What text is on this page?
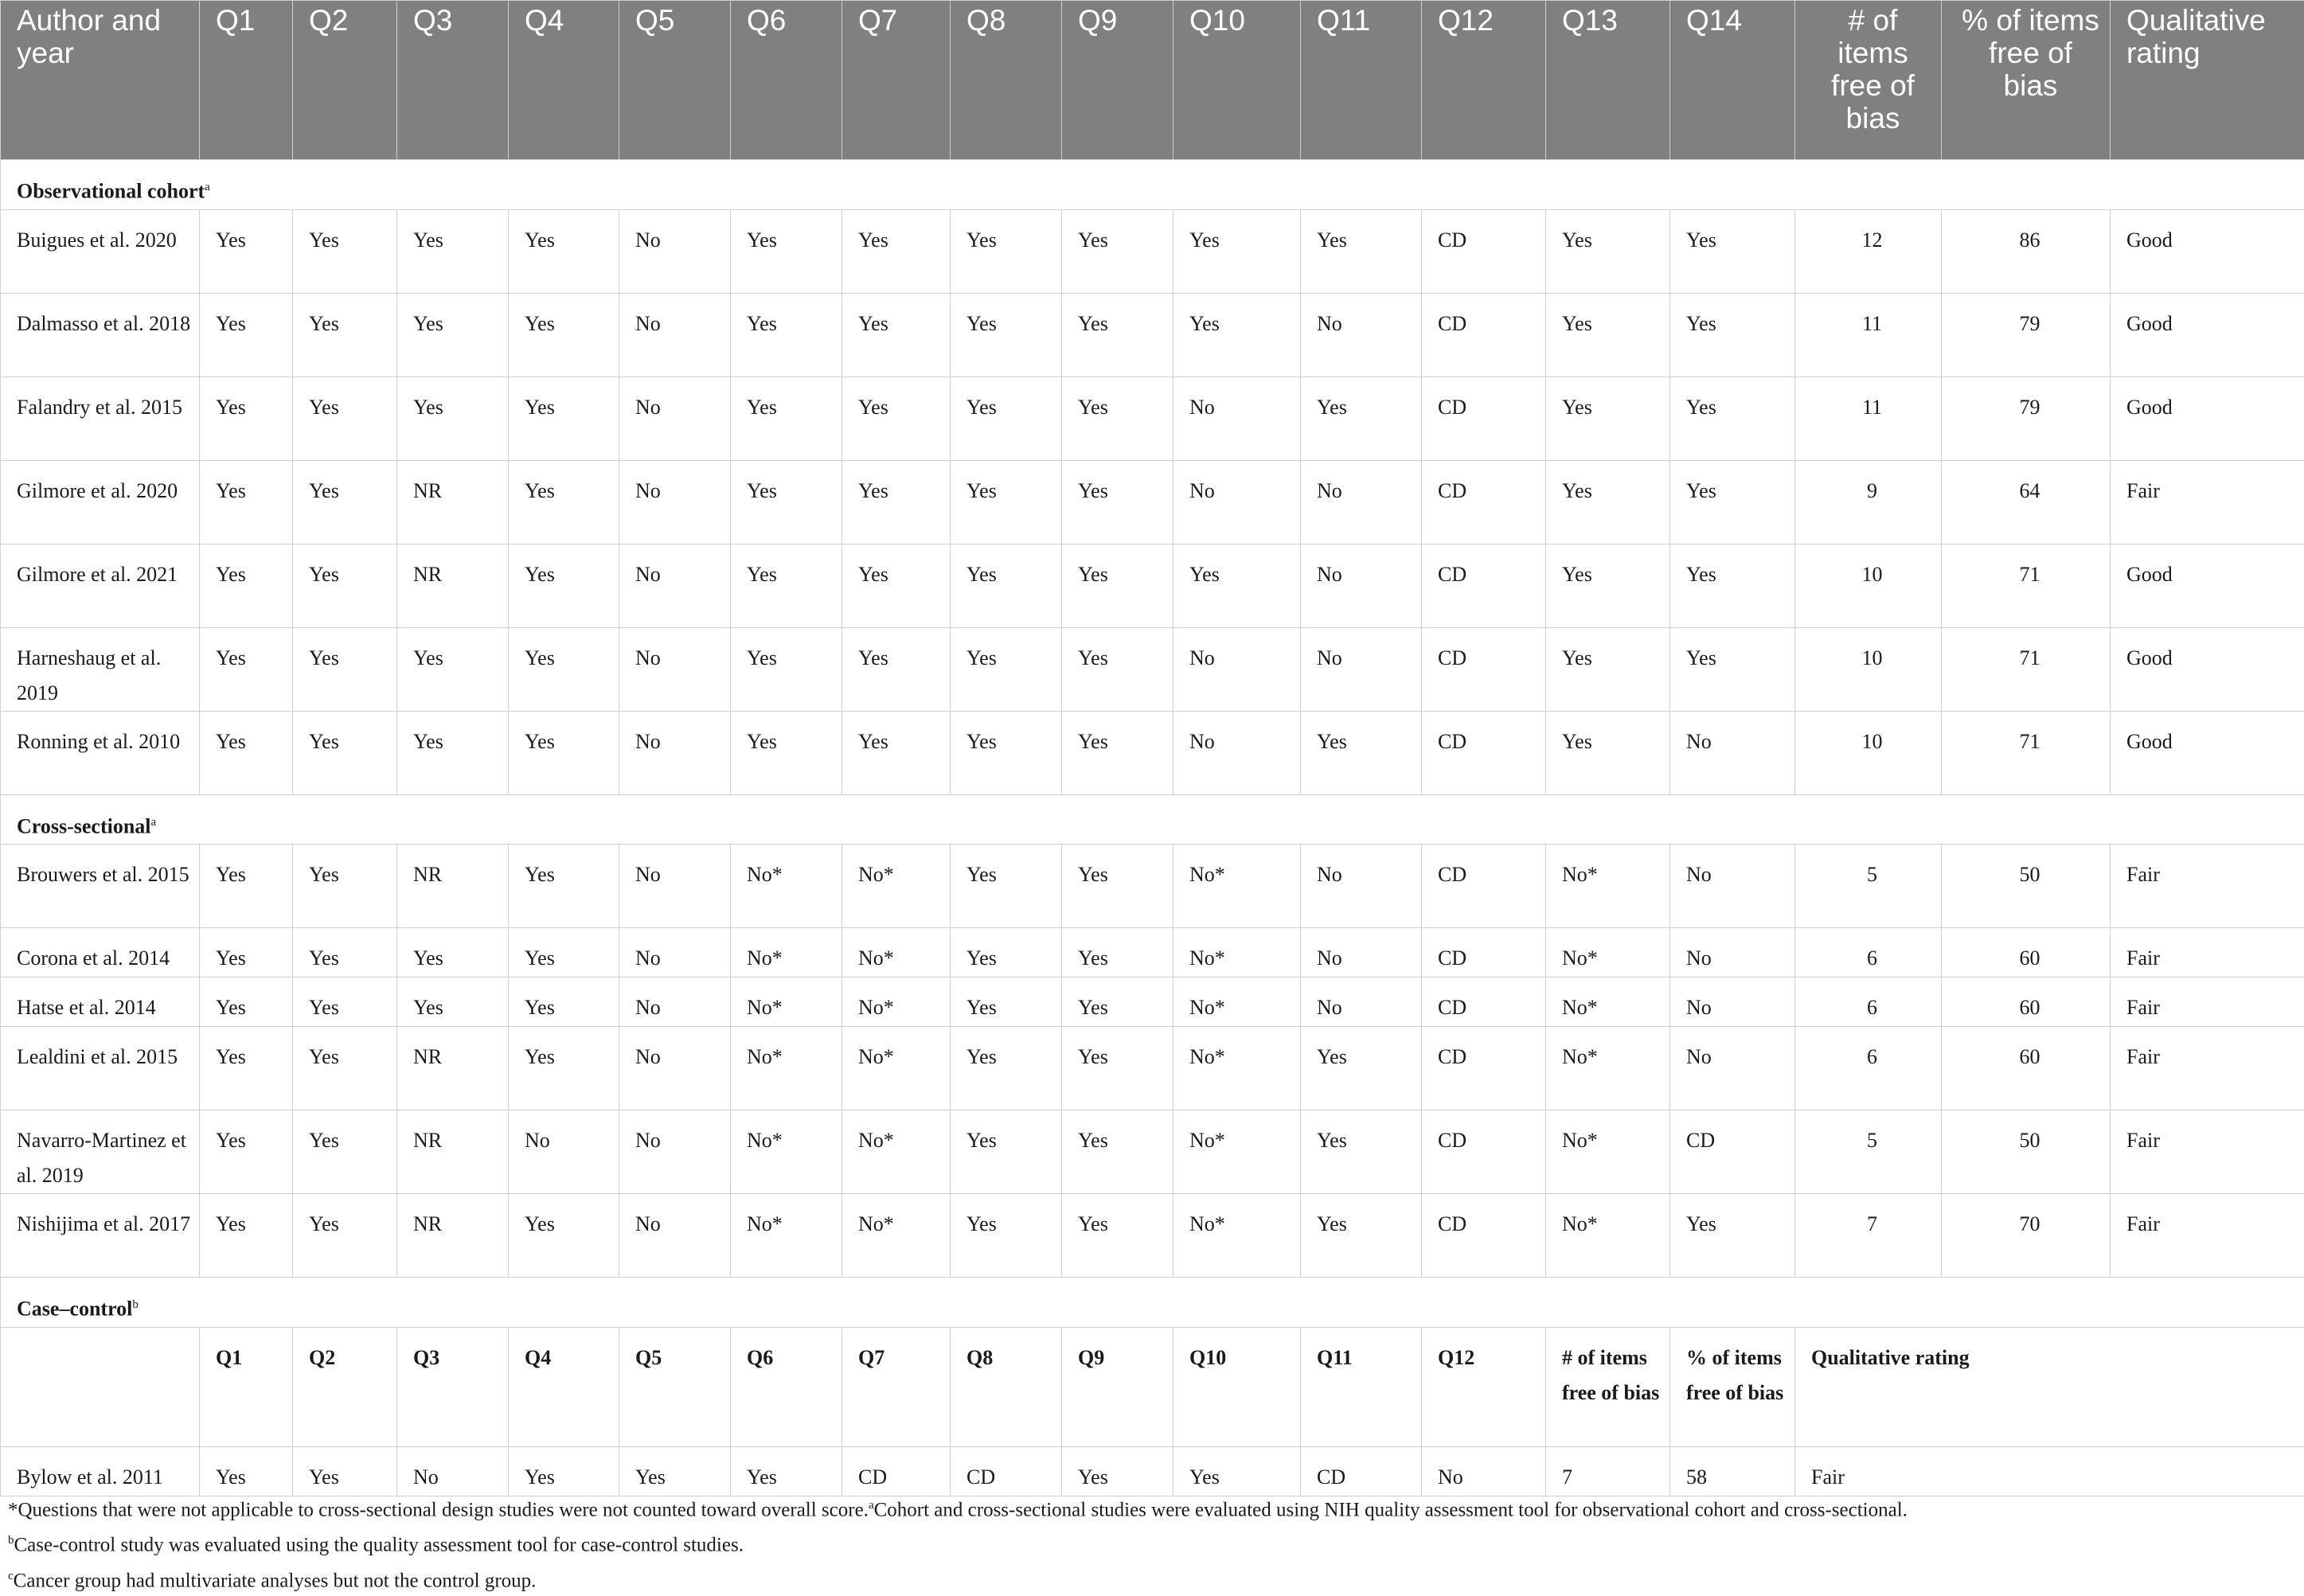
Author and year	Q1	Q2	Q3	Q4	Q5	Q6	Q7	Q8	Q9	Q10	Q11	Q12	Q13	Q14	# of items free of bias	% of items free of bias	Qualitative rating
Observational cohort$^a$
Buigues et al. 2020	Yes	Yes	Yes	Yes	No	Yes	Yes	Yes	Yes	Yes	Yes	CD	Yes	Yes	12	86	Good
Dalmasso et al. 2018	Yes	Yes	Yes	Yes	No	Yes	Yes	Yes	Yes	Yes	No	CD	Yes	Yes	11	79	Good
Falandry et al. 2015	Yes	Yes	Yes	Yes	No	Yes	Yes	Yes	Yes	No	Yes	CD	Yes	Yes	11	79	Good
Gilmore et al. 2020	Yes	Yes	NR	Yes	No	Yes	Yes	Yes	Yes	No	No	CD	Yes	Yes	9	64	Fair
Gilmore et al. 2021	Yes	Yes	NR	Yes	No	Yes	Yes	Yes	Yes	Yes	No	CD	Yes	Yes	10	71	Good
Harneshaug et al. 2019	Yes	Yes	Yes	Yes	No	Yes	Yes	Yes	Yes	No	No	CD	Yes	Yes	10	71	Good
Ronning et al. 2010	Yes	Yes	Yes	Yes	No	Yes	Yes	Yes	Yes	No	Yes	CD	Yes	No	10	71	Good
Cross-sectional$^a$
Brouwers et al. 2015	Yes	Yes	NR	Yes	No	No*	No*	Yes	Yes	No*	No	CD	No*	No	5	50	Fair
Corona et al. 2014	Yes	Yes	Yes	Yes	No	No*	No*	Yes	Yes	No*	No	CD	No*	No	6	60	Fair
Hatse et al. 2014	Yes	Yes	Yes	Yes	No	No*	No*	Yes	Yes	No*	No	CD	No*	No	6	60	Fair
Lealdini et al. 2015	Yes	Yes	NR	Yes	No	No*	No*	Yes	Yes	No*	Yes	CD	No*	No	6	60	Fair
Navarro-Martinez et al. 2019	Yes	Yes	NR	No	No	No*	No*	Yes	Yes	No*	Yes	CD	No*	CD	5	50	Fair
Nishijima et al. 2017	Yes	Yes	NR	Yes	No	No*	No*	Yes	Yes	No*	Yes	CD	No*	Yes	7	70	Fair
Case–control$^b$
	Q1	Q2	Q3	Q4	Q5	Q6	Q7	Q8	Q9	Q10	Q11	Q12	# of items free of bias	% of items free of bias	Qualitative rating		
Bylow et al. 2011	Yes	Yes	No	Yes	Yes	Yes	CD	CD	Yes	Yes	CD	No	7	58	Fair		
*Questions that were not applicable to cross-sectional design studies were not counted toward overall score.$^a$Cohort and cross-sectional studies were evaluated using NIH quality assessment tool for observational cohort and cross-sectional.
$^b$Case-control study was evaluated using the quality assessment tool for case-control studies.
$^c$Cancer group had multivariate analyses but not the control group.
